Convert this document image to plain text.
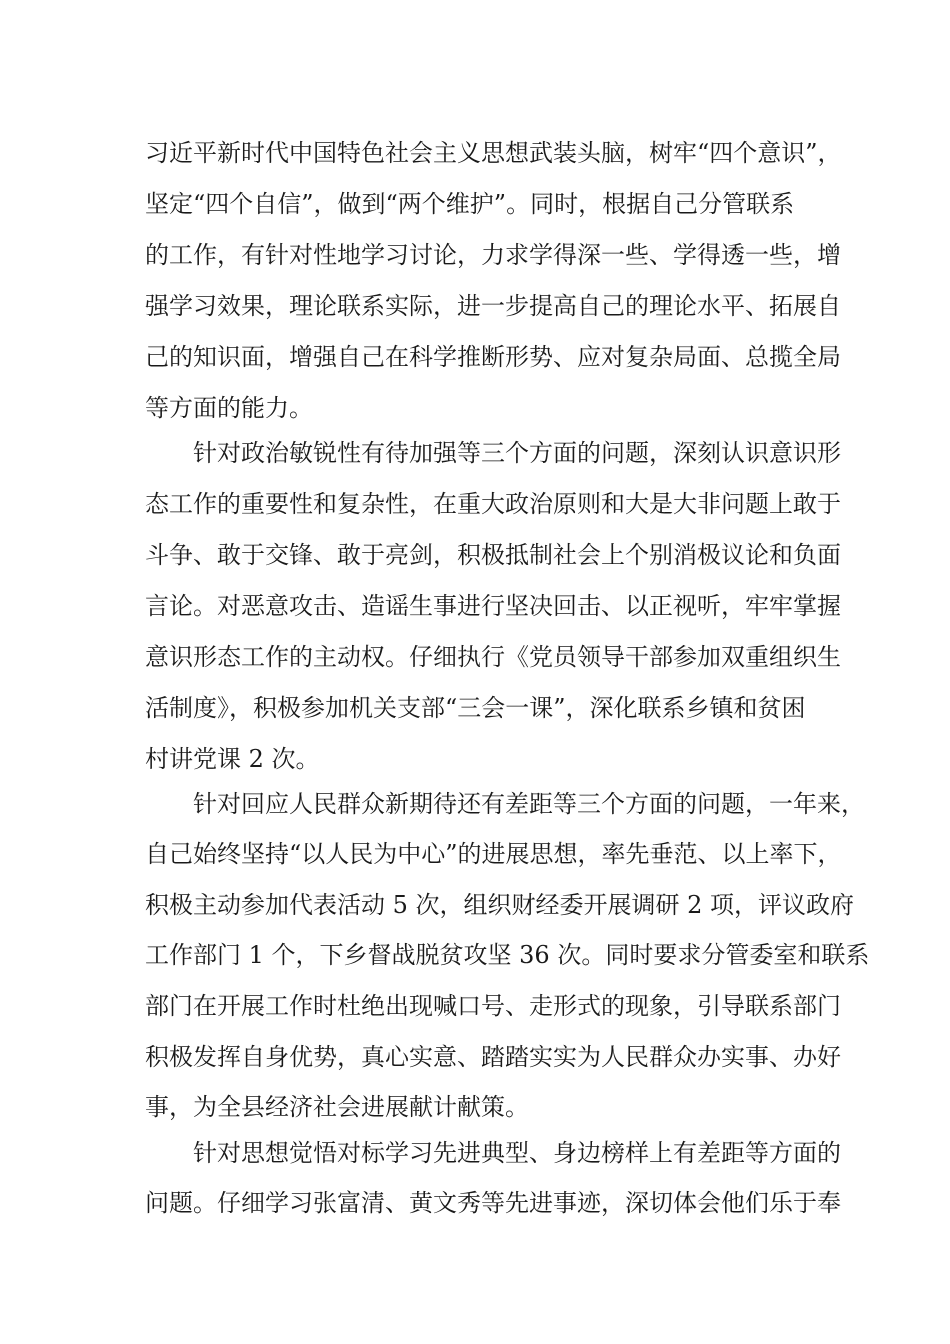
习近平新时代中国特色社会主义思想武装头脑，树牢“四个意识”，
坚定“四个自信”，做到“两个维护”。同时，根据自己分管联系
的工作，有针对性地学习讨论，力求学得深一些、学得透一些，增
强学习效果，理论联系实际，进一步提高自己的理论水平、拓展自
己的知识面，增强自己在科学推断形势、应对复杂局面、总揽全局
等方面的能力。
针对政治敏锐性有待加强等三个方面的问题，深刻认识意识形
态工作的重要性和复杂性，在重大政治原则和大是大非问题上敢于
斗争、敢于交锋、敢于亮剑，积极抵制社会上个别消极议论和负面
言论。对恶意攻击、造谣生事进行坚决回击、以正视听，牢牢掌握
意识形态工作的主动权。仔细执行《党员领导干部参加双重组织生
活制度》，积极参加机关支部“三会一课”，深化联系乡镇和贫困
村讲党课 2 次。
针对回应人民群众新期待还有差距等三个方面的问题，一年来，
自己始终坚持“以人民为中心”的进展思想，率先垂范、以上率下，
积极主动参加代表活动 5 次，组织财经委开展调研 2 项，评议政府
工作部门 1 个，下乡督战脱贫攻坚 36 次。同时要求分管委室和联系
部门在开展工作时杜绝出现喊口号、走形式的现象，引导联系部门
积极发挥自身优势，真心实意、踏踏实实为人民群众办实事、办好
事，为全县经济社会进展献计献策。
针对思想觉悟对标学习先进典型、身边榜样上有差距等方面的
问题。仔细学习张富清、黄文秀等先进事迹，深切体会他们乐于奉
